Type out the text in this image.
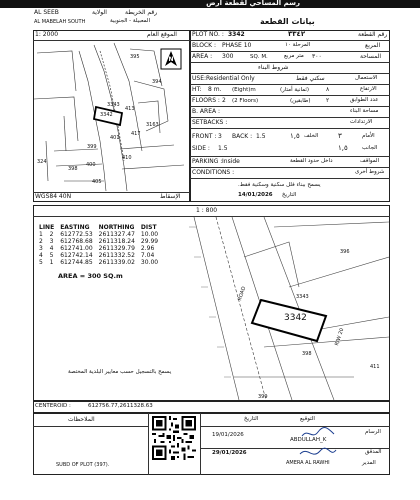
رسم المساحي لقطعة أرض
الولاية
AL SEEB	رقم الخريطة
AL MABELAH SOUTH	المعبيلة - الجنوبية	بيانات القطعة
1: 2000	الموقع العام
395
394
3343
3342
413
3163
417
401
410
399
400
398
324
405
N
WGS84 40N	الإسقاط
PLOT NO. : 3342	٣٣٤٢	رقم القطعة
BLOCK : PHASE 10	المرحلة ١٠	المربع
AREA : 300	SQ. M.	متر مربع ٣٠٠	المساحة
شروط البناء
USE: Residential Only	سكني فقط	الاستعمال
HT: 8 m. (Eight)m	(ثمانية أمتار)	٨	الارتفاع
FLOORS : 2 (2 Floors)	(طابقين)	٢	عدد الطوابق
B. AREA :	مساحة البناء
SETBACKS :	الارتدادات
FRONT : 3 BACK : 1.5	١,٥ الخلف	٣	الأمام
SIDE : 1.5	١,٥	الجانب
PARKING : Inside	داخل حدود القطعة	المواقف
CONDITIONS :	شروط أخرى
يسمح ببناء فلل سكنية وسكنية فقط.
14/01/2026 التاريخ
1 : 800
3342
396
3343
398
411
399
ROAD
R/W 20
LINE		EASTING	NORTHING	DIST
1	2	612772.53	2611327.47	10.00
2	3	612768.68	2611318.24	29.99
3	4	612741.00	2611329.79	2.96
4	5	612742.14	2611332.52	7.04
5	1	612744.85	2611339.02	30.00
AREA = 300 SQ.m
يسمح بالتسجيل حسب معايير البلدية المختصة
CENTEROID :	612756.77,2611328.63
الملاحظات
SUBD OF PLOT (397).
التوقيع
التاريخ
الرسام
19/01/2026
ABDULLAH_K
المدقق
29/01/2026
AMERA AL RAWHI	المدير
